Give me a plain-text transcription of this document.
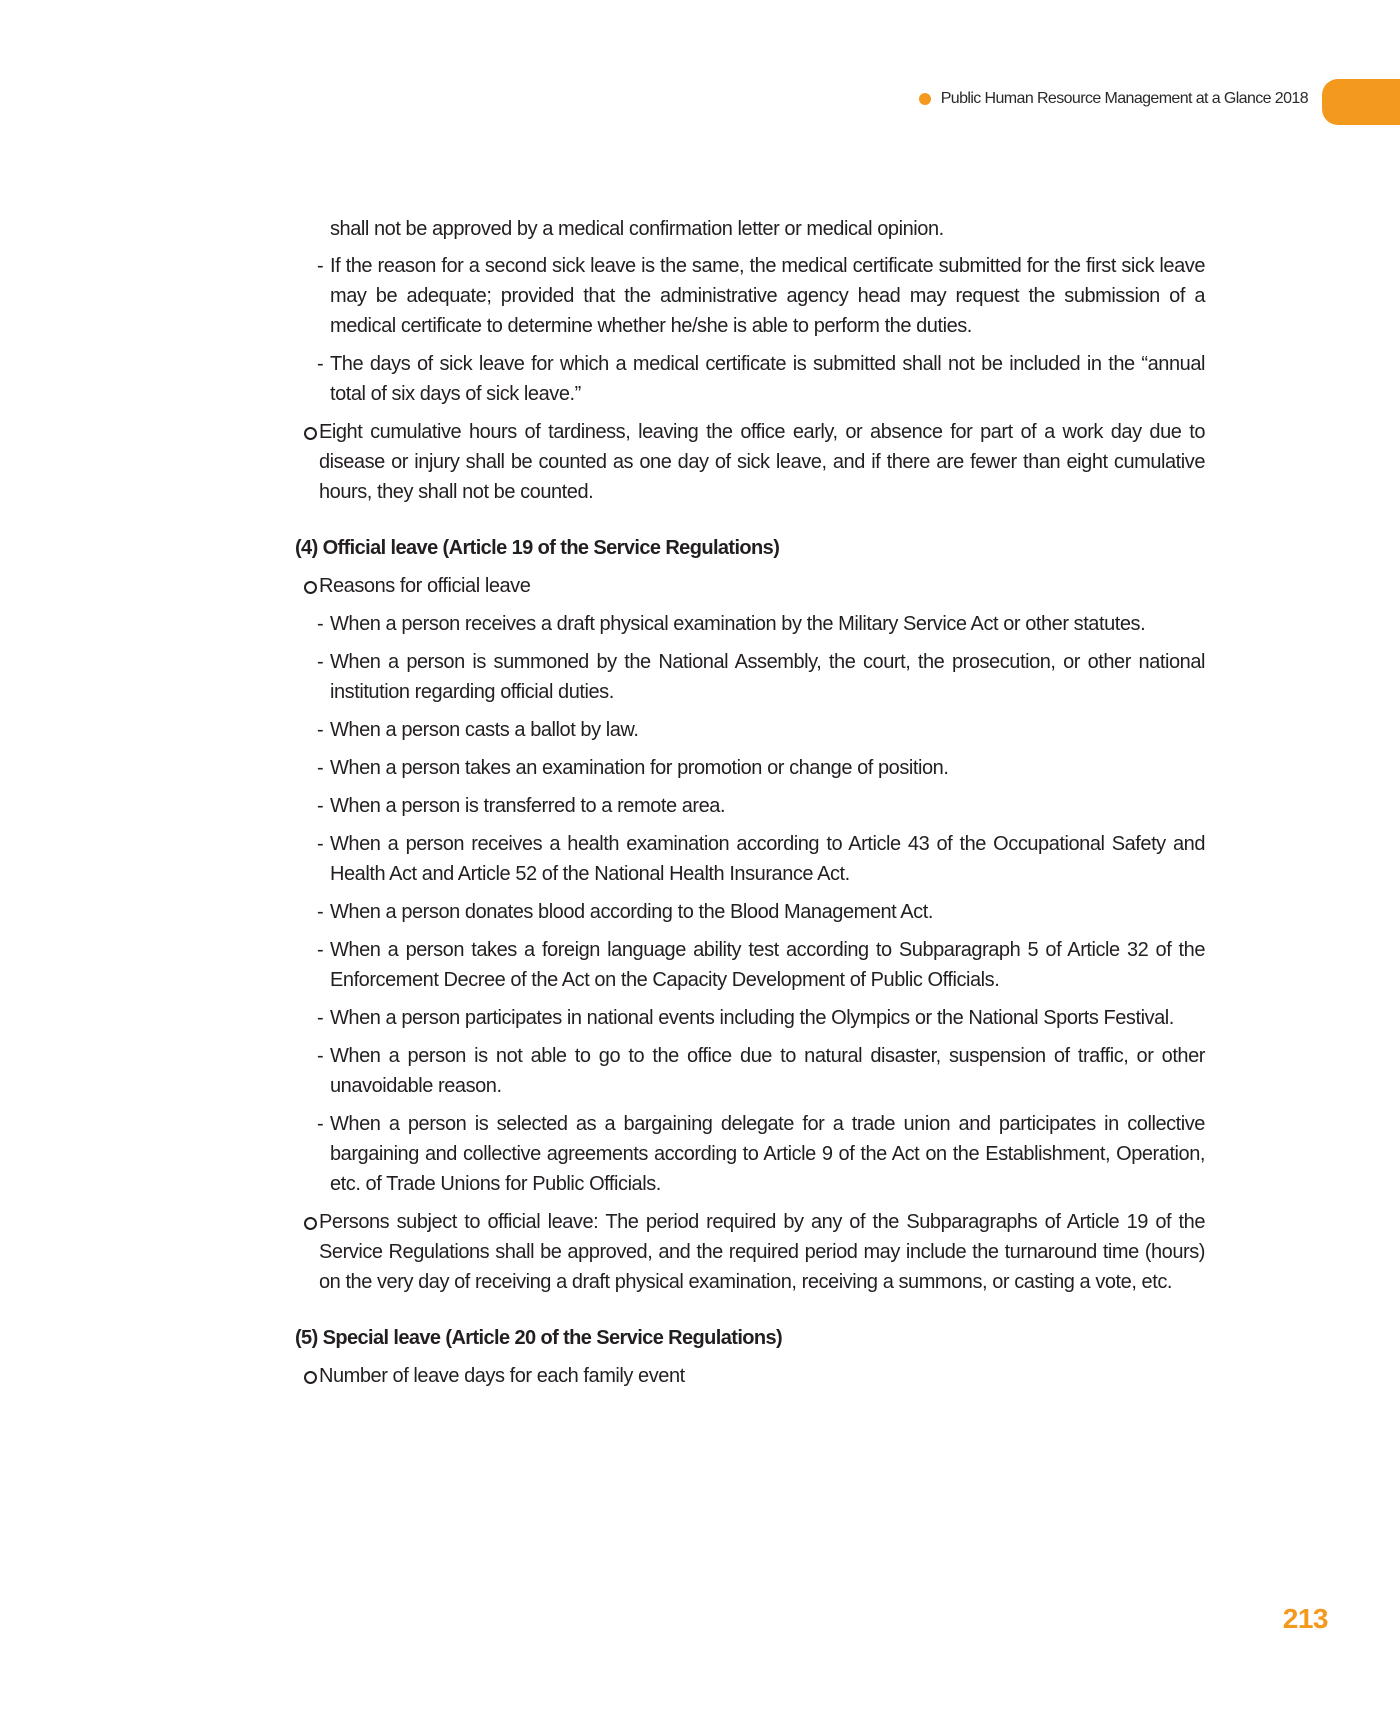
Public Human Resource Management at a Glance 2018
shall not be approved by a medical confirmation letter or medical opinion.
- If the reason for a second sick leave is the same, the medical certificate submitted for the first sick leave may be adequate; provided that the administrative agency head may request the submission of a medical certificate to determine whether he/she is able to perform the duties.
- The days of sick leave for which a medical certificate is submitted shall not be included in the “annual total of six days of sick leave.”
Eight cumulative hours of tardiness, leaving the office early, or absence for part of a work day due to disease or injury shall be counted as one day of sick leave, and if there are fewer than eight cumulative hours, they shall not be counted.
(4) Official leave (Article 19 of the Service Regulations)
Reasons for official leave
- When a person receives a draft physical examination by the Military Service Act or other statutes.
- When a person is summoned by the National Assembly, the court, the prosecution, or other national institution regarding official duties.
- When a person casts a ballot by law.
- When a person takes an examination for promotion or change of position.
- When a person is transferred to a remote area.
- When a person receives a health examination according to Article 43 of the Occupational Safety and Health Act and Article 52 of the National Health Insurance Act.
- When a person donates blood according to the Blood Management Act.
- When a person takes a foreign language ability test according to Subparagraph 5 of Article 32 of the Enforcement Decree of the Act on the Capacity Development of Public Officials.
- When a person participates in national events including the Olympics or the National Sports Festival.
- When a person is not able to go to the office due to natural disaster, suspension of traffic, or other unavoidable reason.
- When a person is selected as a bargaining delegate for a trade union and participates in collective bargaining and collective agreements according to Article 9 of the Act on the Establishment, Operation, etc. of Trade Unions for Public Officials.
Persons subject to official leave: The period required by any of the Subparagraphs of Article 19 of the Service Regulations shall be approved, and the required period may include the turnaround time (hours) on the very day of receiving a draft physical examination, receiving a summons, or casting a vote, etc.
(5) Special leave (Article 20 of the Service Regulations)
Number of leave days for each family event
213
